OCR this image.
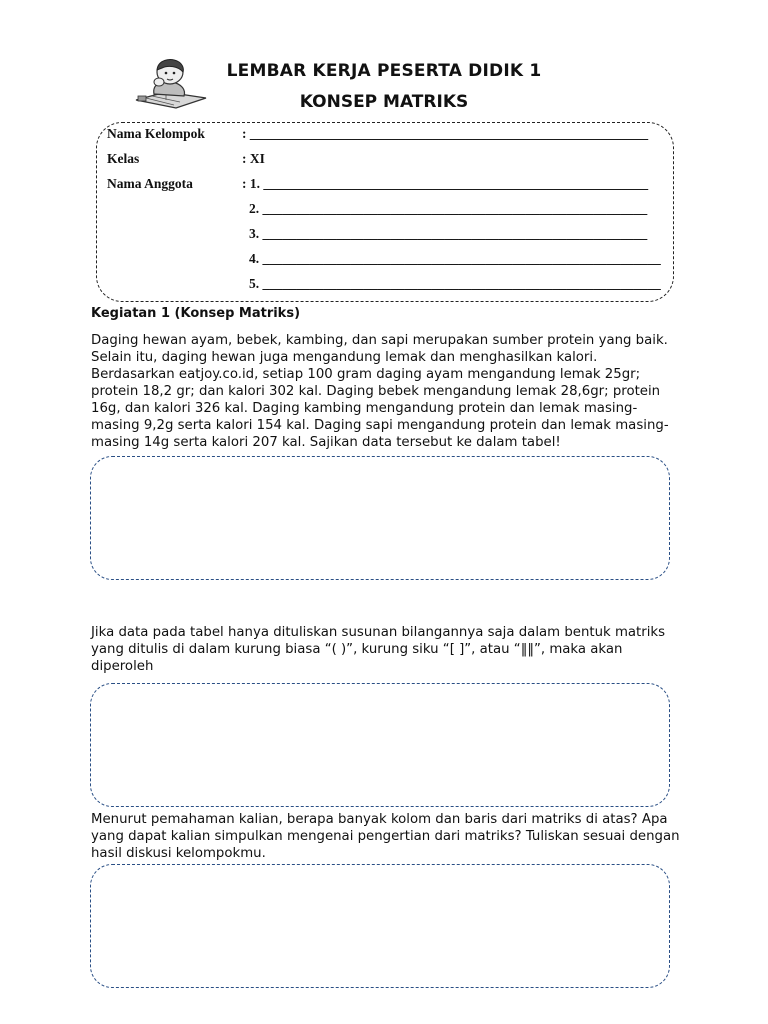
LEMBAR KERJA PESERTA DIDIK 1
KONSEP MATRIKS
Nama Kelompok	: ___________________________________________________________
Kelas	: XI
Nama Anggota	: 1. _________________________________________________________
2. _________________________________________________________
3. _________________________________________________________
4. ___________________________________________________________
5. ___________________________________________________________
Kegiatan 1 (Konsep Matriks)
Daging hewan ayam, bebek, kambing, dan sapi merupakan sumber protein yang baik. Selain itu, daging hewan juga mengandung lemak dan menghasilkan kalori. Berdasarkan eatjoy.co.id, setiap 100 gram daging ayam mengandung lemak 25gr; protein 18,2 gr; dan kalori 302 kal. Daging bebek mengandung lemak 28,6gr; protein 16g, dan kalori 326 kal. Daging kambing mengandung protein dan lemak masing-masing 9,2g serta kalori 154 kal. Daging sapi mengandung protein dan lemak masing-masing 14g serta kalori 207 kal. Sajikan data tersebut ke dalam tabel!
Jika data pada tabel hanya dituliskan susunan bilangannya saja dalam bentuk matriks yang ditulis di dalam kurung biasa “( )”, kurung siku “[ ]”, atau “‖‖”, maka akan diperoleh
Menurut pemahaman kalian, berapa banyak kolom dan baris dari matriks di atas? Apa yang dapat kalian simpulkan mengenai pengertian dari matriks? Tuliskan sesuai dengan hasil diskusi kelompokmu.
